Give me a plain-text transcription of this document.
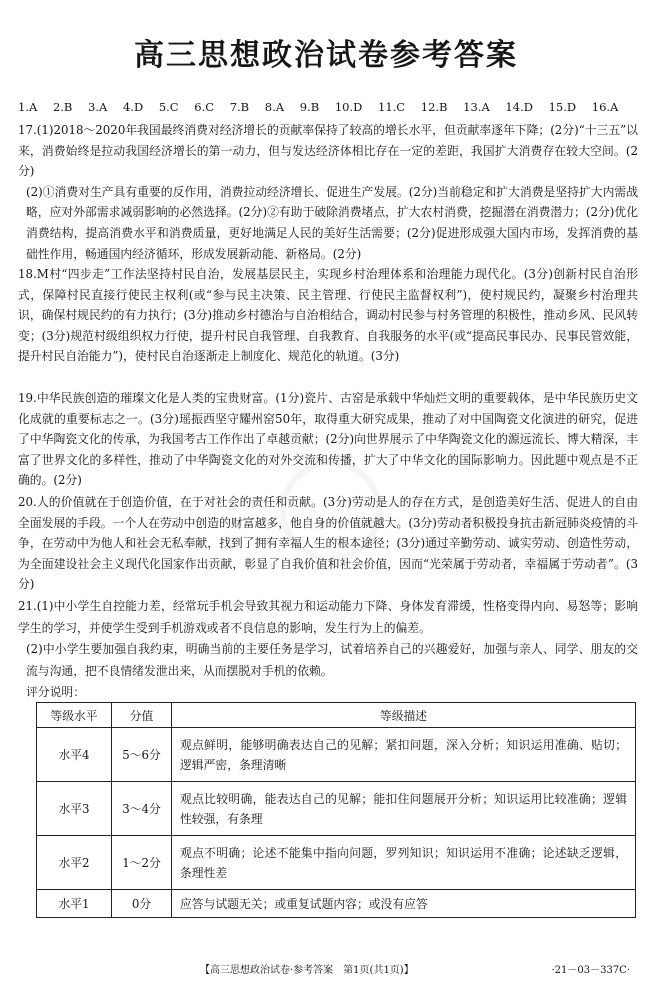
高三思想政治试卷参考答案
1.A 2.B 3.A 4.D 5.C 6.C 7.B 8.A 9.B 10.D 11.C 12.B 13.A 14.D 15.D 16.A

17.(1)2018～2020年我国最终消费对经济增长的贡献率保持了较高的增长水平，但贡献率逐年下降；(2分)“十三五”以来，消费始终是拉动我国经济增长的第一动力，但与发达经济体相比存在一定的差距，我国扩大消费存在较大空间。(2分)

(2)①消费对生产具有重要的反作用，消费拉动经济增长、促进生产发展。(2分)当前稳定和扩大消费是坚持扩大内需战略，应对外部需求减弱影响的必然选择。(2分)②有助于破除消费堵点，扩大农村消费，挖掘潜在消费潜力；(2分)优化消费结构，提高消费水平和消费质量，更好地满足人民的美好生活需要；(2分)促进形成强大国内市场，发挥消费的基础性作用，畅通国内经济循环，形成发展新动能、新格局。(2分)

18.M村“四步走”工作法坚持村民自治，发展基层民主，实现乡村治理体系和治理能力现代化。(3分)创新村民自治形式，保障村民直接行使民主权利(或“参与民主决策、民主管理、行使民主监督权利”)，使村规民约，凝聚乡村治理共识，确保村规民约的有力执行；(3分)推动乡村德治与自治相结合，调动村民参与村务管理的积极性，推动乡风、民风转变；(3分)规范村级组织权力行使，提升村民自我管理、自我教育、自我服务的水平(或“提高民事民办、民事民管效能，提升村民自治能力”)，使村民自治逐渐走上制度化、规范化的轨道。(3分)

19.中华民族创造的璀璨文化是人类的宝贵财富。(1分)瓷片、古窑是承载中华灿烂文明的重要载体，是中华民族历史文化成就的重要标志之一。(3分)瑶振西坚守耀州窑50年，取得重大研究成果，推动了对中国陶瓷文化演进的研究，促进了中华陶瓷文化的传承，为我国考古工作作出了卓越贡献；(2分)向世界展示了中华陶瓷文化的源远流长、博大精深，丰富了世界文化的多样性，推动了中华陶瓷文化的对外交流和传播，扩大了中华文化的国际影响力。因此题中观点是不正确的。(2分)

20.人的价值就在于创造价值，在于对社会的责任和贡献。(3分)劳动是人的存在方式，是创造美好生活、促进人的自由全面发展的手段。一个人在劳动中创造的财富越多，他自身的价值就越大。(3分)劳动者积极投身抗击新冠肺炎疫情的斗争，在劳动中为他人和社会无私奉献，找到了拥有幸福人生的根本途径；(3分)通过辛勤劳动、诚实劳动、创造性劳动，为全面建设社会主义现代化国家作出贡献，彰显了自我价值和社会价值，因而“光荣属于劳动者，幸福属于劳动者”。(3分)

21.(1)中小学生自控能力差，经常玩手机会导致其视力和运动能力下降、身体发育滞缓，性格变得内向、易怒等；影响学生的学习，并使学生受到手机游戏或者不良信息的影响，发生行为上的偏差。

(2)中小学生要加强自我约束，明确当前的主要任务是学习，试着培养自己的兴趣爱好，加强与亲人、同学、朋友的交流与沟通，把不良情绪发泄出来，从而摆脱对手机的依赖。

评分说明：

等级水平	分值	等级描述
水平4	5～6分	观点鲜明，能够明确表达自己的见解；紧扣问题，深入分析；知识运用准确、贴切；逻辑严密，条理清晰
水平3	3～4分	观点比较明确，能表达自己的见解；能扣住问题展开分析；知识运用比较准确；逻辑性较强，有条理
水平2	1～2分	观点不明确；论述不能集中指向问题，罗列知识；知识运用不准确；论述缺乏逻辑，条理性差
水平1	0分	应答与试题无关；或重复试题内容；或没有应答
【高三思想政治试卷·参考答案　第1页(共1页)】	·21－03－337C·
